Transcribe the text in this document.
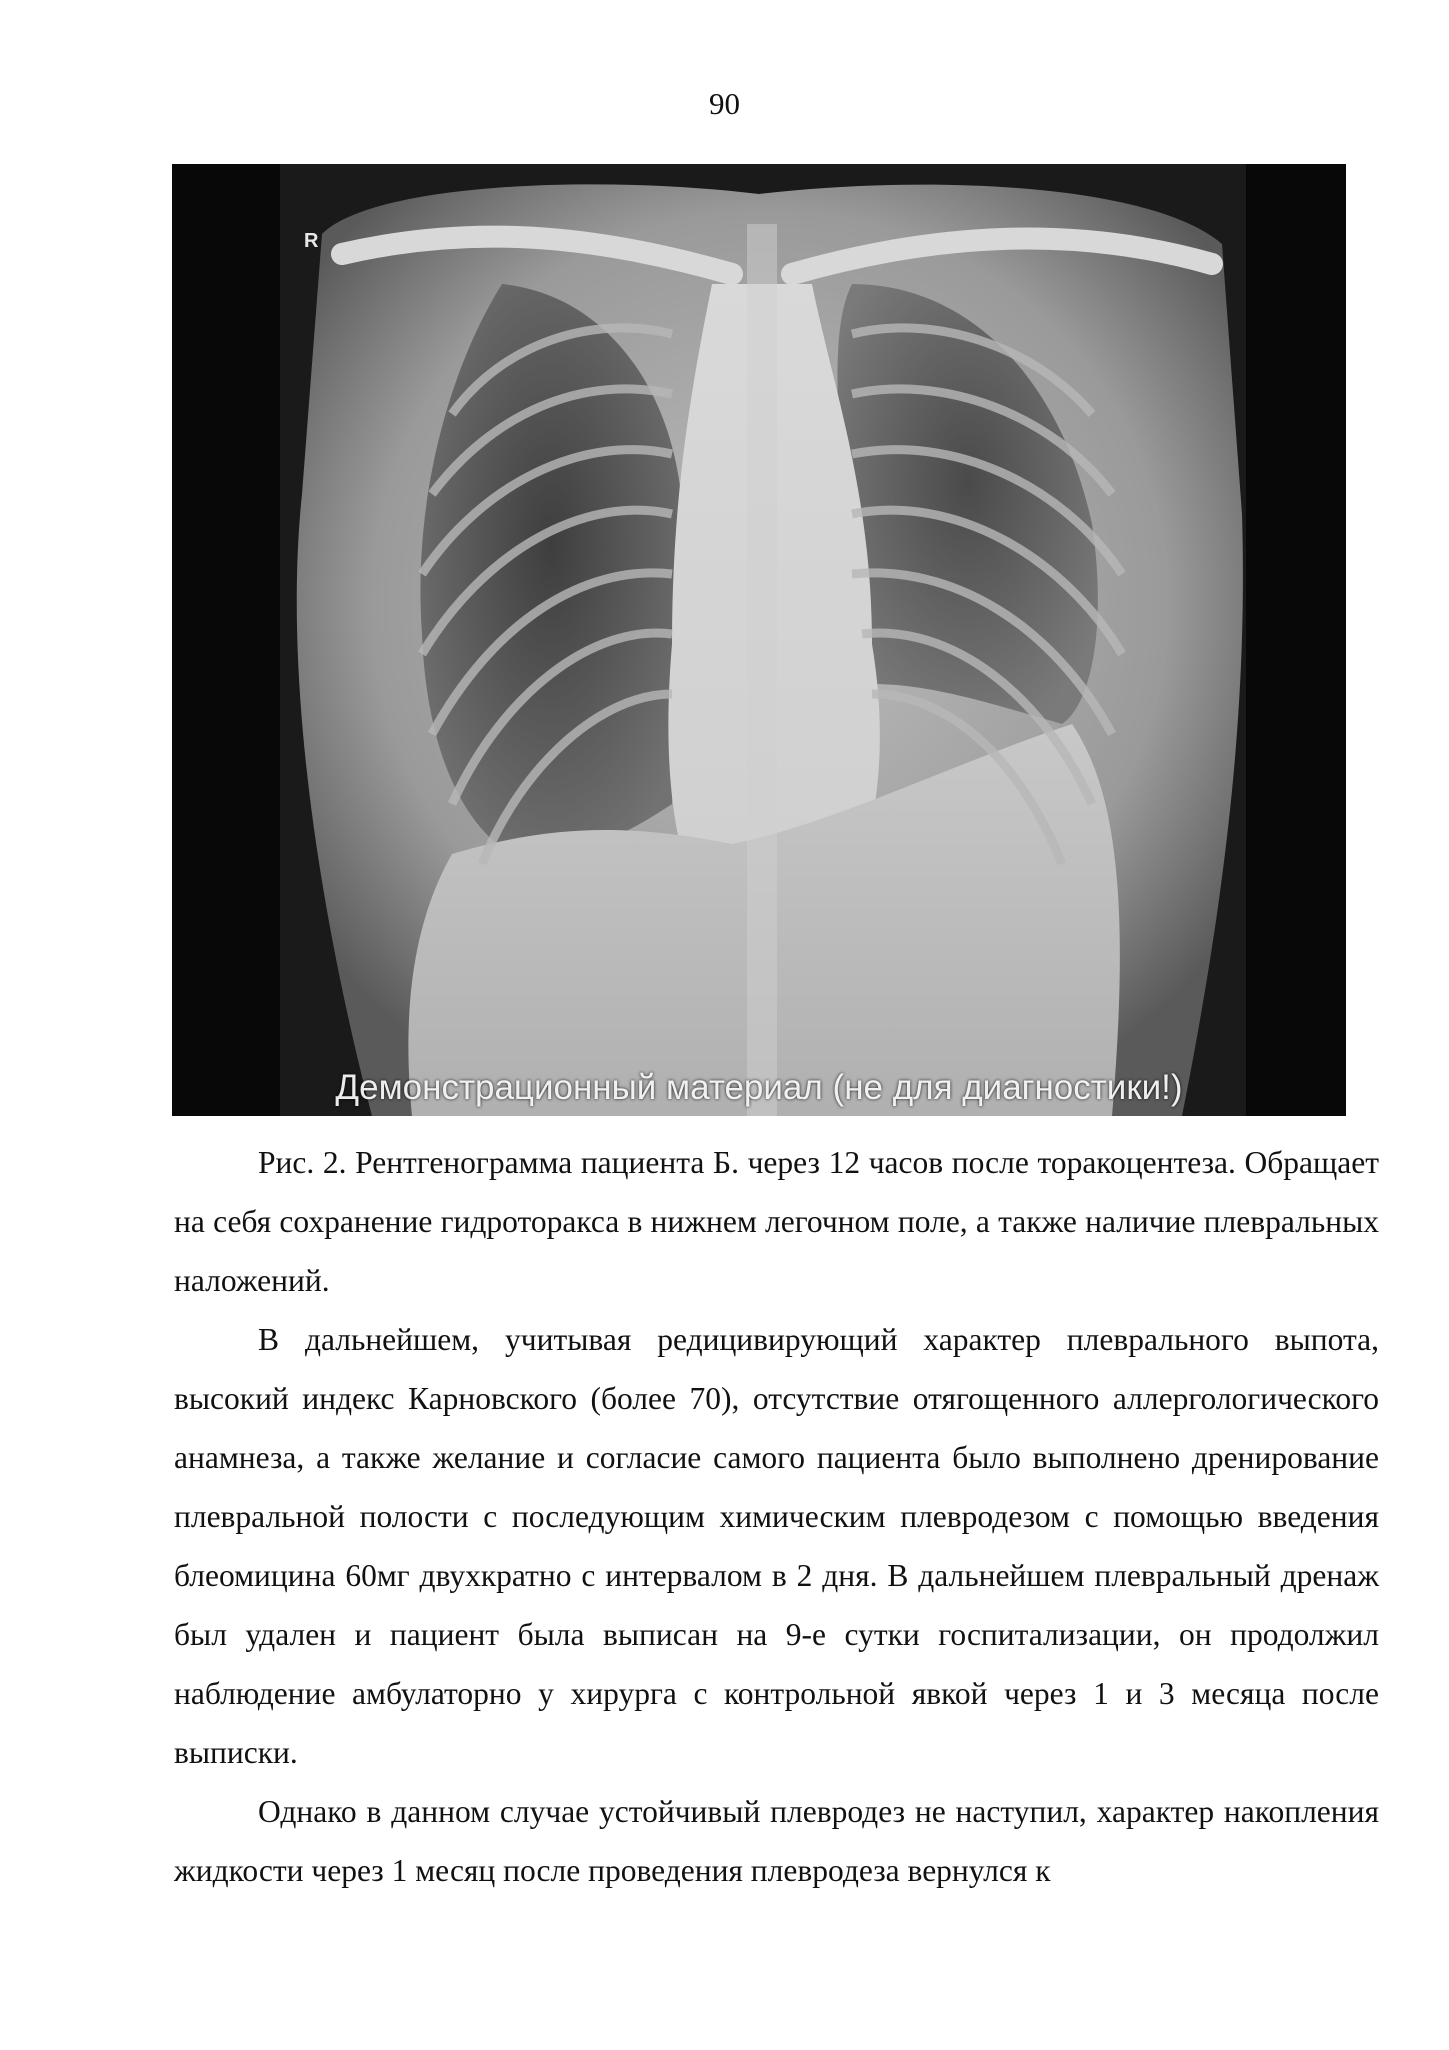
90
R
Демонстрационный материал (не для диагностики!)

Рис. 2. Рентгенограмма пациента Б. через 12 часов после торакоцентеза. Обращает на себя сохранение гидроторакса в нижнем легочном поле, а также наличие плевральных наложений.

В дальнейшем, учитывая редицивирующий характер плеврального выпота, высокий индекс Карновского (более 70), отсутствие отягощенного аллергологического анамнеза, а также желание и согласие самого пациента было выполнено дренирование плевральной полости с последующим химическим плевродезом с помощью введения блеомицина 60мг двухкратно с интервалом в 2 дня. В дальнейшем плевральный дренаж был удален и пациент была выписан на 9-е сутки госпитализации, он продолжил наблюдение амбулаторно у хирурга с контрольной явкой через 1 и 3 месяца после выписки.

Однако в данном случае устойчивый плевродез не наступил, характер накопления жидкости через 1 месяц после проведения плевродеза вернулся к
